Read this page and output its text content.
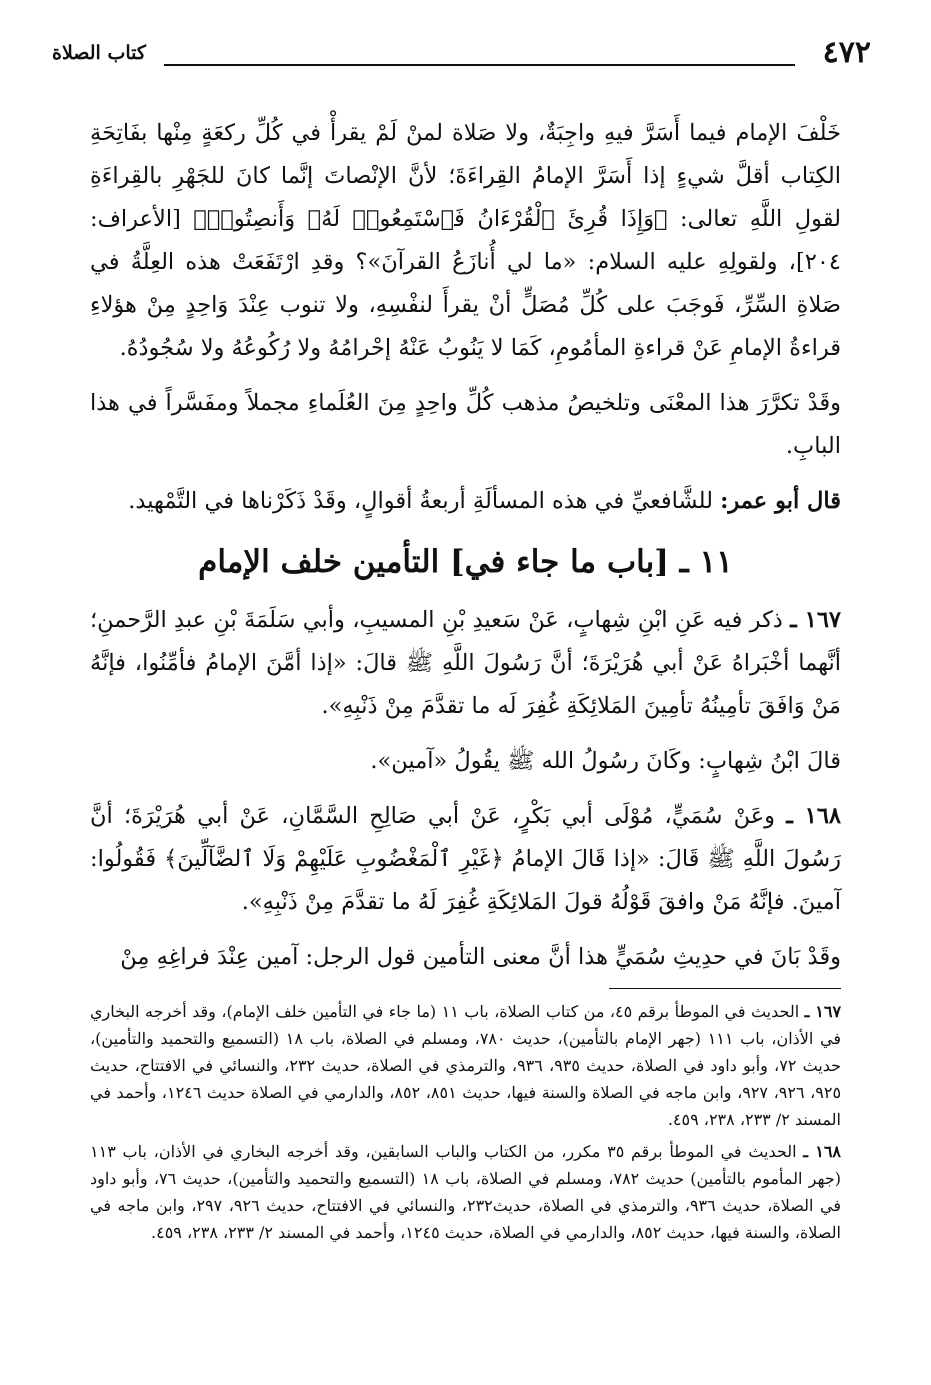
٤٧٢
كتاب الصلاة

خَلْفَ الإمام فيما أَسَرَّ فيهِ واجِبَةٌ، ولا صَلاة لمنْ لَمْ يقرأْ في كُلِّ ركعَةٍ مِنْها بفَاتِحَةِ الكِتاب أقلَّ شيءٍ إذا أَسَرَّ الإمامُ القِراءَةَ؛ لأنَّ الإنْصاتَ إنَّما كانَ للجَهْرِ بالقِراءَةِ لقولِ اللَّهِ تعالى: ﴿وَإِذَا قُرِئَ ٱلْقُرْءَانُ فَٱسْتَمِعُوا۟ لَهُۥ وَأَنصِتُوا۟﴾ [الأعراف: ٢٠٤]، ولقولِهِ عليه السلام: «ما لي أُنازَعُ القرآنَ»؟ وقدِ ارْتَفَعَتْ هذه العِلَّةُ في صَلاةِ السِّرِّ، فَوجَبَ على كُلِّ مُصَلٍّ أنْ يقرأَ لنفْسِهِ، ولا تنوب عِنْدَ وَاحِدٍ مِنْ هؤلاءِ قراءةُ الإمامِ عَنْ قراءةِ المأمُومِ، كَمَا لا يَنُوبُ عَنْهُ إحْرامُهُ ولا رُكُوعُهُ ولا سُجُودُهُ.

وقَدْ تكرَّرَ هذا المعْنَى وتلخيصُ مذهب كُلِّ واحِدٍ مِنَ العُلَماءِ مجملاً ومفَسَّراً في هذا البابِ.

قال أبو عمر: للشَّافعيِّ في هذه المسألَةِ أربعةُ أقوالٍ، وقَدْ ذَكَرْناها في التَّمْهيد.

١١ ـ [باب ما جاء في] التأمين خلف الإمام

١٦٧ ـ ذكر فيه عَنِ ابْنِ شِهابٍ، عَنْ سَعيدِ بْنِ المسيبِ، وأبي سَلَمَةَ بْنِ عبدِ الرَّحمنِ؛ أنَّهما أخْبَراهُ عَنْ أبي هُرَيْرَةَ؛ أنَّ رَسُولَ اللَّهِ ﷺ قالَ: «إذا أمَّنَ الإمامُ فأمِّنُوا، فإنَّهُ مَنْ وَافَقَ تأمِينُهُ تأمِينَ المَلائِكَةِ غُفِرَ لَه ما تقدَّمَ مِنْ ذَنْبِهِ».

قالَ ابْنُ شِهابٍ: وكَانَ رسُولُ الله ﷺ يقُولُ «آمين».

١٦٨ ـ وعَنْ سُمَيٍّ، مُوْلَى أبي بَكْرٍ، عَنْ أبي صَالِحِ السَّمَّانِ، عَنْ أبي هُرَيْرَةَ؛ أنَّ رَسُولَ اللَّهِ ﷺ قَالَ: «إذا قَالَ الإمامُ ﴿غَيْرِ ٱلْمَغْضُوبِ عَلَيْهِمْ وَلَا ٱلضَّآلِّينَ﴾ فَقُولُوا: آمينَ. فإنَّهُ مَنْ وافقَ قَوْلُهُ قولَ المَلائِكَةِ غُفِرَ لَهُ ما تقدَّمَ مِنْ ذَنْبِهِ».

وقَدْ بَانَ في حدِيثِ سُمَيٍّ هذا أنَّ معنى التأمين قول الرجل: آمين عِنْدَ فراغِهِ مِنْ

١٦٧ ـ الحديث في الموطأ برقم ٤٥، من كتاب الصلاة، باب ١١ (ما جاء في التأمين خلف الإمام)، وقد أخرجه البخاري في الأذان، باب ١١١ (جهر الإمام بالتأمين)، حديث ٧٨٠، ومسلم في الصلاة، باب ١٨ (التسميع والتحميد والتأمين)، حديث ٧٢، وأبو داود في الصلاة، حديث ٩٣٥، ٩٣٦، والترمذي في الصلاة، حديث ٢٣٢، والنسائي في الافتتاح، حديث ٩٢٥، ٩٢٦، ٩٢٧، وابن ماجه في الصلاة والسنة فيها، حديث ٨٥١، ٨٥٢، والدارمي في الصلاة حديث ١٢٤٦، وأحمد في المسند ٢/ ٢٣٣، ٢٣٨، ٤٥٩.

١٦٨ ـ الحديث في الموطأ برقم ٣٥ مكرر، من الكتاب والباب السابقين، وقد أخرجه البخاري في الأذان، باب ١١٣ (جهر المأموم بالتأمين) حديث ٧٨٢، ومسلم في الصلاة، باب ١٨ (التسميع والتحميد والتأمين)، حديث ٧٦، وأبو داود في الصلاة، حديث ٩٣٦، والترمذي في الصلاة، حديث٢٣٢، والنسائي في الافتتاح، حديث ٩٢٦، ٢٩٧، وابن ماجه في الصلاة، والسنة فيها، حديث ٨٥٢، والدارمي في الصلاة، حديث ١٢٤٥، وأحمد في المسند ٢/ ٢٣٣، ٢٣٨، ٤٥٩.
